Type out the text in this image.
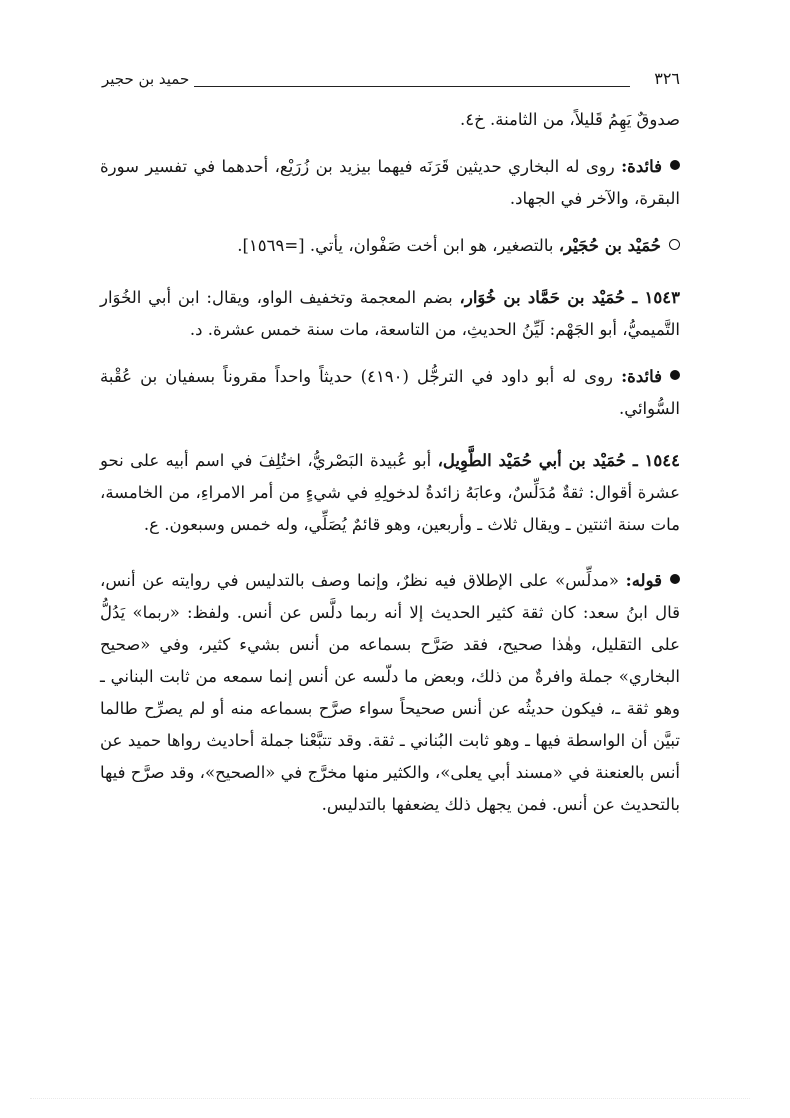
٣٢٦
حميد بن حجير

صدوقٌ يَهِمُ قَليلاً، من الثامنة. خ٤.

فائدة: روى له البخاري حديثين قَرَنَه فيهما بيزيد بن زُرَيْع، أحدهما في تفسير سورة البقرة، والآخر في الجهاد.

حُمَيْد بن حُجَيْر، بالتصغير، هو ابن أخت صَفْوان، يأتي. [=١٥٦٩].

١٥٤٣ ـ حُمَيْد بن حَمَّاد بن خُوَار، بضم المعجمة وتخفيف الواو، ويقال: ابن أبي الخُوَار التَّميميُّ، أبو الجَهْم: لَيِّنُ الحديثِ، من التاسعة، مات سنة خمس عشرة. د.

فائدة: روى له أبو داود في الترجُّل (٤١٩٠) حديثاً واحداً مقروناً بسفيان بن عُقْبة السُّوائي.

١٥٤٤ ـ حُمَيْد بن أبي حُمَيْد الطَّوِيل، أبو عُبيدة البَصْريُّ، اختُلِفَ في اسم أبيه على نحو عشرة أقوال: ثقةٌ مُدَلِّسٌ، وعابَهُ زائدةُ لدخولِهِ في شيءٍ من أمر الامراءِ، من الخامسة، مات سنة اثنتين ـ ويقال ثلاث ـ وأربعين، وهو قائمٌ يُصَلِّي، وله خمس وسبعون. ع.

قوله: «مدلِّس» على الإطلاق فيه نظرٌ، وإنما وصف بالتدليس في روايته عن أنس، قال ابنُ سعد: كان ثقة كثير الحديث إلا أنه ربما دلَّس عن أنس. ولفظ: «ربما» يَدُلُّ على التقليل، وهٰذا صحيح، فقد صَرَّح بسماعه من أنس بشيء كثير، وفي «صحيح البخاري» جملة وافرةٌ من ذلك، وبعض ما دلّسه عن أنس إنما سمعه من ثابت البناني ـ وهو ثقة ـ، فيكون حديثُه عن أنس صحيحاً سواء صرَّح بسماعه منه أو لم يصرِّح طالما تبيَّن أن الواسطة فيها ـ وهو ثابت البُناني ـ ثقة. وقد تتبَّعْنا جملة أحاديث رواها حميد عن أنس بالعنعنة في «مسند أبي يعلى»، والكثير منها مخرَّج في «الصحيح»، وقد صرَّح فيها بالتحديث عن أنس. فمن يجهل ذلك يضعفها بالتدليس.
